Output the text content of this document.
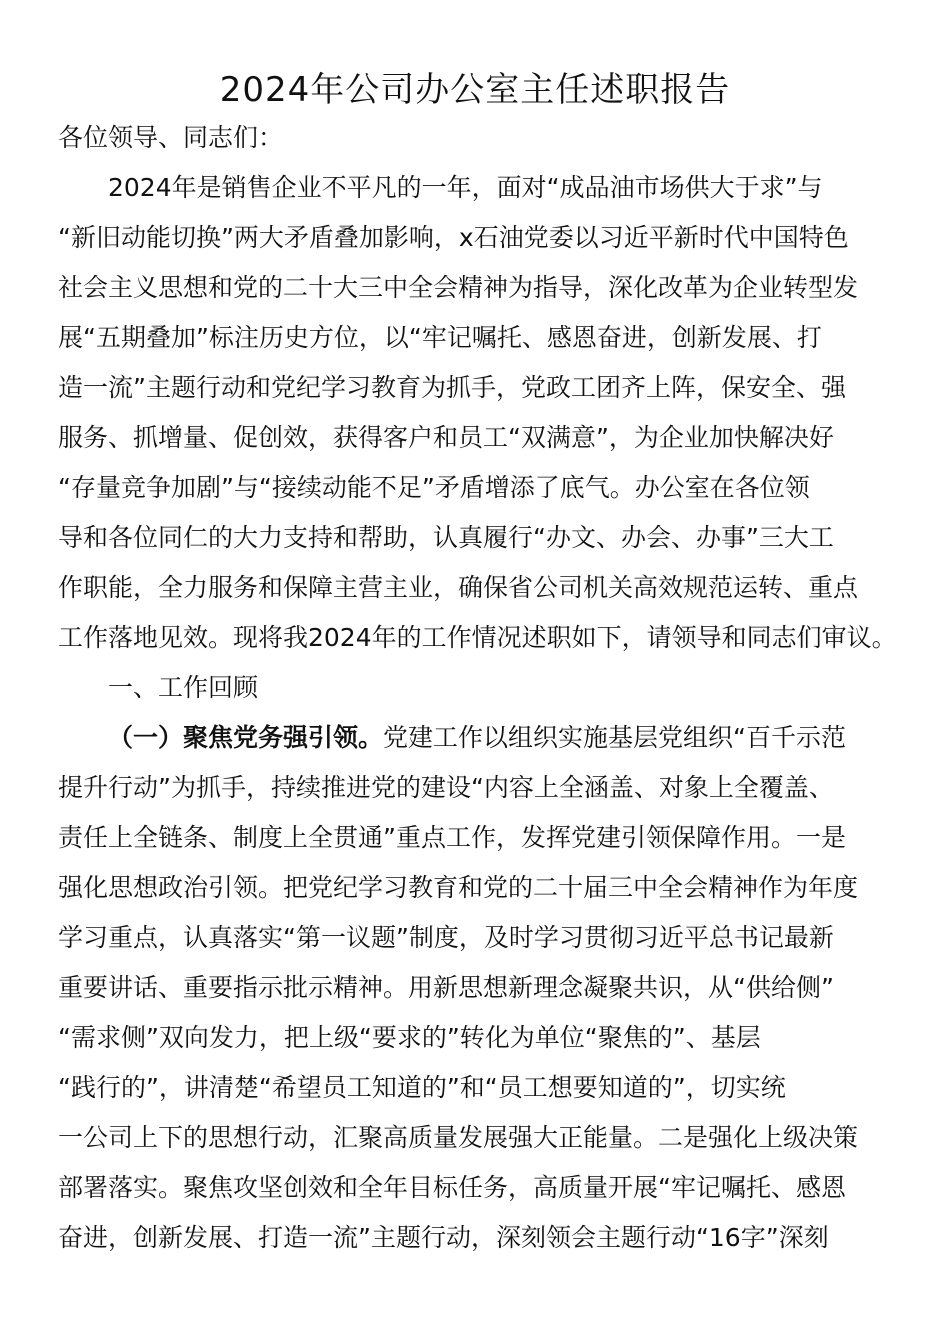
2024年公司办公室主任述职报告
各位领导、同志们：
2024年是销售企业不平凡的一年，面对“成品油市场供大于求”与
“新旧动能切换”两大矛盾叠加影响，x石油党委以习近平新时代中国特色
社会主义思想和党的二十大三中全会精神为指导，深化改革为企业转型发
展“五期叠加”标注历史方位，以“牢记嘱托、感恩奋进，创新发展、打
造一流”主题行动和党纪学习教育为抓手，党政工团齐上阵，保安全、强
服务、抓增量、促创效，获得客户和员工“双满意”，为企业加快解决好
“存量竞争加剧”与“接续动能不足”矛盾增添了底气。办公室在各位领
导和各位同仁的大力支持和帮助，认真履行“办文、办会、办事”三大工
作职能，全力服务和保障主营主业，确保省公司机关高效规范运转、重点
工作落地见效。现将我2024年的工作情况述职如下，请领导和同志们审议。
一、工作回顾
（一）聚焦党务强引领。党建工作以组织实施基层党组织“百千示范
提升行动”为抓手，持续推进党的建设“内容上全涵盖、对象上全覆盖、
责任上全链条、制度上全贯通”重点工作，发挥党建引领保障作用。一是
强化思想政治引领。把党纪学习教育和党的二十届三中全会精神作为年度
学习重点，认真落实“第一议题”制度，及时学习贯彻习近平总书记最新
重要讲话、重要指示批示精神。用新思想新理念凝聚共识，从“供给侧”
“需求侧”双向发力，把上级“要求的”转化为单位“聚焦的”、基层
“践行的”，讲清楚“希望员工知道的”和“员工想要知道的”，切实统
一公司上下的思想行动，汇聚高质量发展强大正能量。二是强化上级决策
部署落实。聚焦攻坚创效和全年目标任务，高质量开展“牢记嘱托、感恩
奋进，创新发展、打造一流”主题行动，深刻领会主题行动“16字”深刻
